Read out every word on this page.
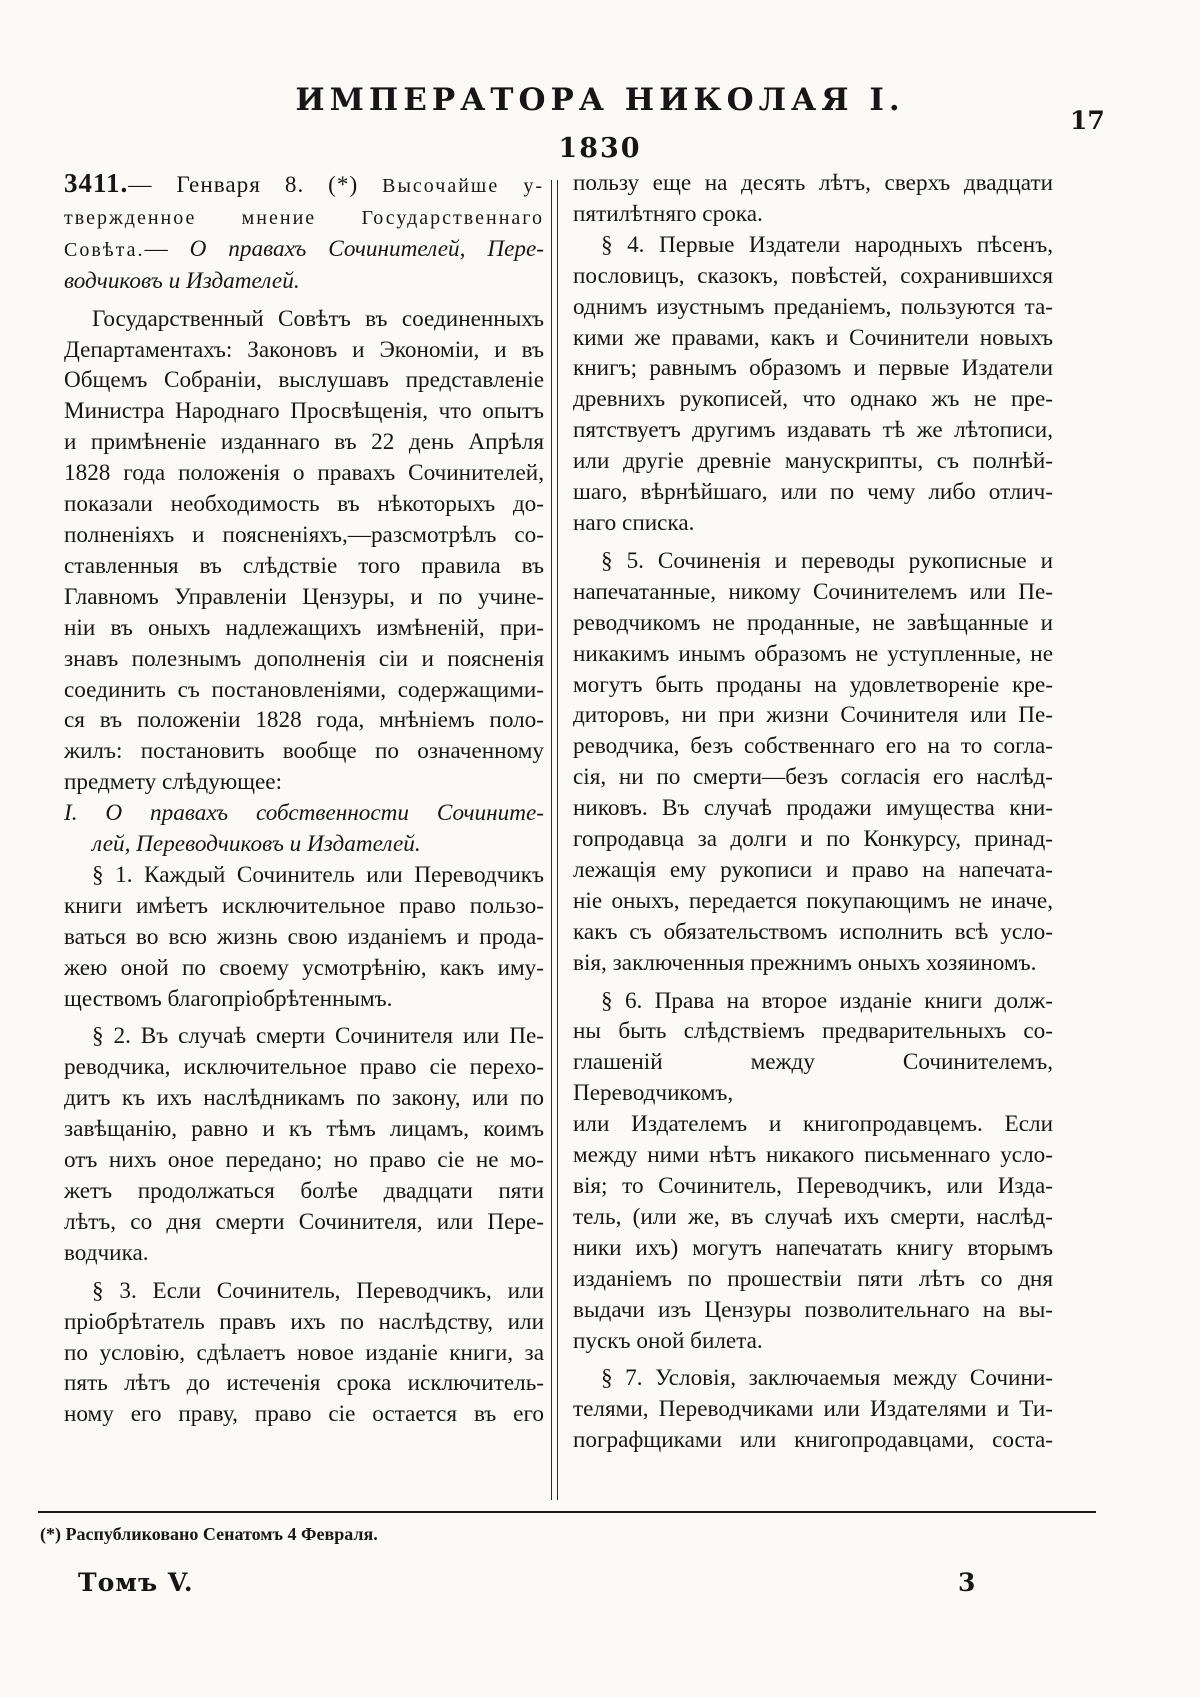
ИМПЕРАТОРА НИКОЛАЯ I.
17
1830

3411.— Генваря 8. (*) Высочайше у-

твержденное мнение Государственнаго

Совѣта.— О правахъ Сочинителей, Пере-

водчиковъ и Издателей.

Государственный Совѣтъ въ соединенныхъ

Департаментахъ: Законовъ и Экономіи, и въ

Общемъ Собраніи, выслушавъ представленіе

Министра Народнаго Просвѣщенія, что опытъ

и примѣненіе изданнаго въ 22 день Апрѣля

1828 года положенія о правахъ Сочинителей,

показали необходимость въ нѣкоторыхъ до-

полненіяхъ и поясненіяхъ,—разсмотрѣлъ со-

ставленныя въ слѣдствіе того правила въ

Главномъ Управленіи Цензуры, и по учине-

ніи въ оныхъ надлежащихъ измѣненій, при-

знавъ полезнымъ дополненія сіи и поясненія

соединить съ постановленіями, содержащими-

ся въ положеніи 1828 года, мнѣніемъ поло-

жилъ: постановить вообще по означенному

предмету слѣдующее:

I. О правахъ собственности Сочините-

лей, Переводчиковъ и Издателей.

§ 1. Каждый Сочинитель или Переводчикъ

книги имѣетъ исключительное право пользо-

ваться во всю жизнь свою изданіемъ и прода-

жею оной по своему усмотрѣнію, какъ иму-

ществомъ благопріобрѣтеннымъ.

§ 2. Въ случаѣ смерти Сочинителя или Пе-

реводчика, исключительное право сіе перехо-

дитъ къ ихъ наслѣдникамъ по закону, или по

завѣщанію, равно и къ тѣмъ лицамъ, коимъ

отъ нихъ оное передано; но право сіе не мо-

жетъ продолжаться болѣе двадцати пяти

лѣтъ, со дня смерти Сочинителя, или Пере-

водчика.

§ 3. Если Сочинитель, Переводчикъ, или

пріобрѣтатель правъ ихъ по наслѣдству, или

по условію, сдѣлаетъ новое изданіе книги, за

пять лѣтъ до истеченія срока исключитель-

ному его праву, право сіе остается въ его

пользу еще на десять лѣтъ, сверхъ двадцати

пятилѣтняго срока.

§ 4. Первые Издатели народныхъ пѣсенъ,

пословицъ, сказокъ, повѣстей, сохранившихся

однимъ изустнымъ преданіемъ, пользуются та-

кими же правами, какъ и Сочинители новыхъ

книгъ; равнымъ образомъ и первые Издатели

древнихъ рукописей, что однако жъ не пре-

пятствуетъ другимъ издавать тѣ же лѣтописи,

или другіе древніе манускрипты, съ полнѣй-

шаго, вѣрнѣйшаго, или по чему либо отлич-

наго списка.

§ 5. Сочиненія и переводы рукописные и

напечатанные, никому Сочинителемъ или Пе-

реводчикомъ не проданные, не завѣщанные и

никакимъ инымъ образомъ не уступленные, не

могутъ быть проданы на удовлетвореніе кре-

диторовъ, ни при жизни Сочинителя или Пе-

реводчика, безъ собственнаго его на то согла-

сія, ни по смерти—безъ согласія его наслѣд-

никовъ. Въ случаѣ продажи имущества кни-

гопродавца за долги и по Конкурсу, принад-

лежащія ему рукописи и право на напечата-

ніе оныхъ, передается покупающимъ не иначе,

какъ съ обязательствомъ исполнить всѣ усло-

вія, заключенныя прежнимъ оныхъ хозяиномъ.

§ 6. Права на второе изданіе книги долж-

ны быть слѣдствіемъ предварительныхъ со-

глашеній между Сочинителемъ, Переводчикомъ,

или Издателемъ и книгопродавцемъ. Если

между ними нѣтъ никакого письменнаго усло-

вія; то Сочинитель, Переводчикъ, или Изда-

тель, (или же, въ случаѣ ихъ смерти, наслѣд-

ники ихъ) могутъ напечатать книгу вторымъ

изданіемъ по прошествіи пяти лѣтъ со дня

выдачи изъ Цензуры позволительнаго на вы-

пускъ оной билета.

§ 7. Условія, заключаемыя между Сочини-

телями, Переводчиками или Издателями и Ти-

пографщиками или книгопродавцами, состa-

(*) Распубликовано Сенатомъ 4 Февраля.
Томъ V.	3
